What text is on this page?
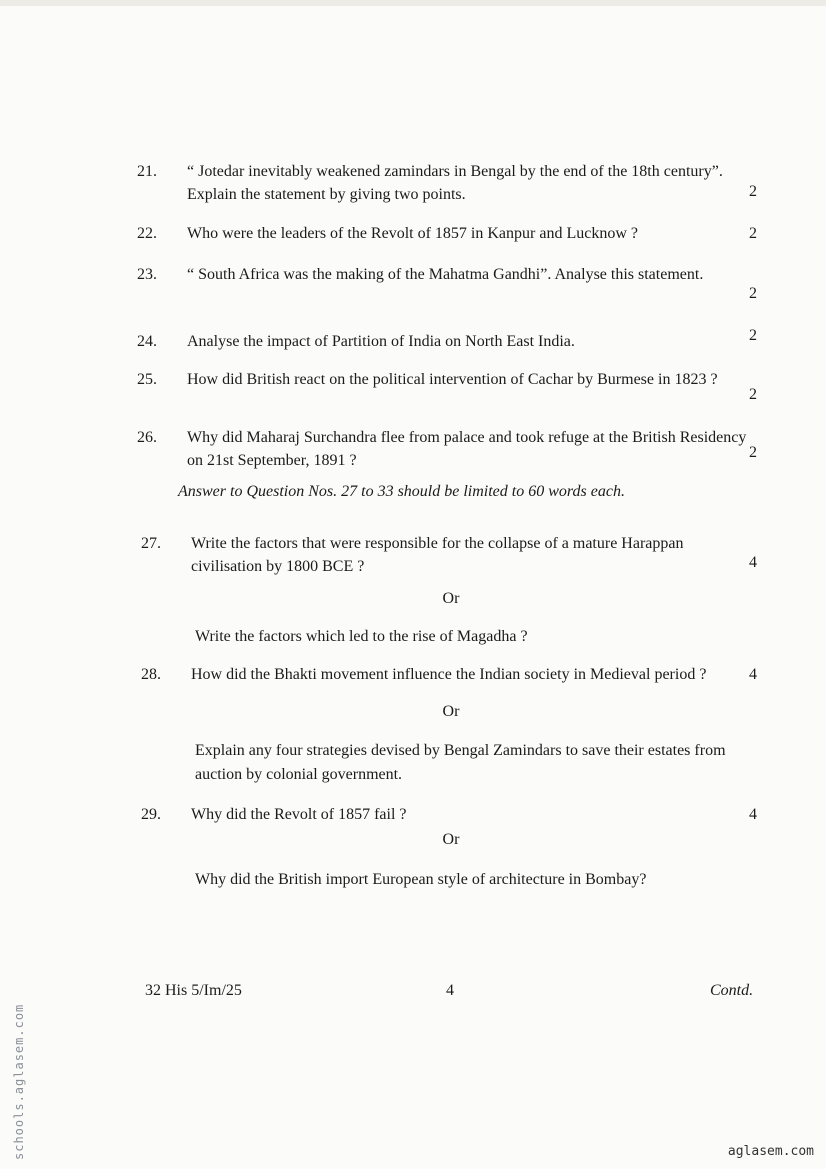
21.	“ Jotedar inevitably weakened zamindars in Bengal by the end of the 18th century”. Explain the statement by giving two points.	2
22.	Who were the leaders of the Revolt of 1857 in Kanpur and Lucknow ?	2
23.	“ South Africa was the making of the Mahatma Gandhi”. Analyse this statement.
2
24.	Analyse the impact of Partition of India on North East India.	2
25.	How did British react on the political intervention of Cachar by Burmese in 1823 ?
2
26.	Why did Maharaj Surchandra flee from palace and took refuge at the British Residency on 21st September, 1891 ?	2
Answer to Question Nos. 27 to 33 should be limited to 60 words each.
27.	Write the factors that were responsible for the collapse of a mature Harappan civilisation by 1800 BCE ?	4
Or
Write the factors which led to the rise of Magadha ?
28.	How did the Bhakti movement influence the Indian society in Medieval period ?	4
Or
Explain any four strategies devised by Bengal Zamindars to save their estates from auction by colonial government.
29.	Why did the Revolt of 1857 fail ?	4
Or
Why did the British import European style of architecture in Bombay?
32 His 5/Im/25	4	Contd.
schools.aglasem.com	aglasem.com
